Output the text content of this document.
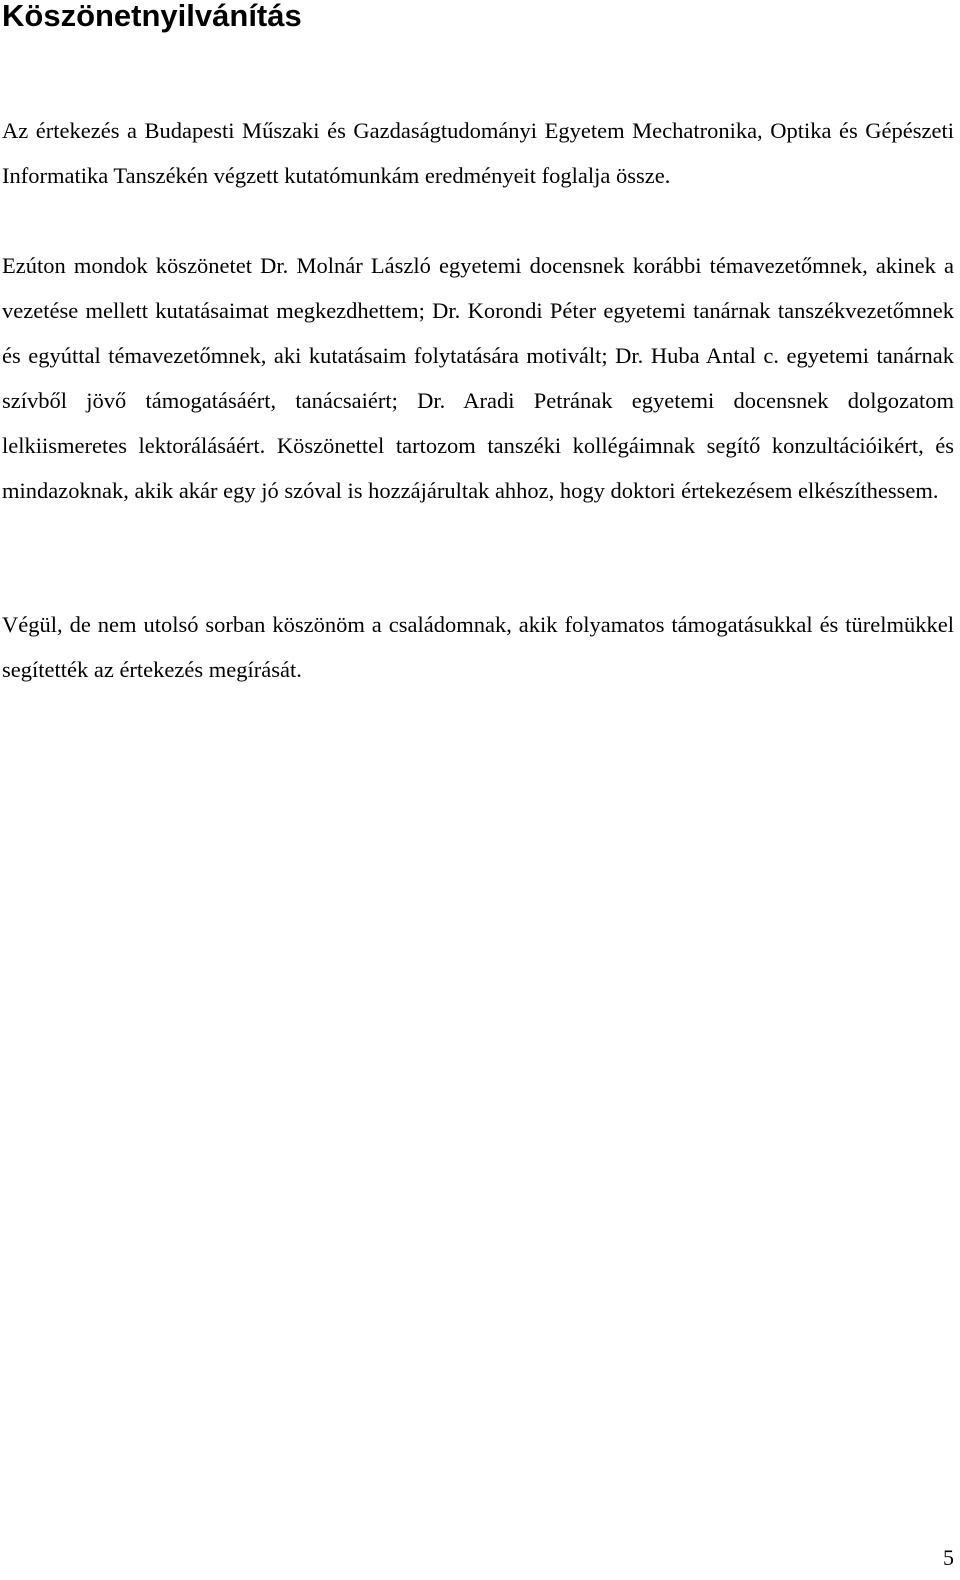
Köszönetnyilvánítás

Az értekezés a Budapesti Műszaki és Gazdaságtudományi Egyetem Mechatronika, Optika és Gépészeti Informatika Tanszékén végzett kutatómunkám eredményeit foglalja össze.

Ezúton mondok köszönetet Dr. Molnár László egyetemi docensnek korábbi témavezetőmnek, akinek a vezetése mellett kutatásaimat megkezdhettem; Dr. Korondi Péter egyetemi tanárnak tanszékvezetőmnek és egyúttal témavezetőmnek, aki kutatásaim folytatására motivált; Dr. Huba Antal c. egyetemi tanárnak szívből jövő támogatásáért, tanácsaiért; Dr. Aradi Petrának egyetemi docensnek dolgozatom lelkiismeretes lektorálásáért. Köszönettel tartozom tanszéki kollégáimnak segítő konzultációikért, és mindazoknak, akik akár egy jó szóval is hozzájárultak ahhoz, hogy doktori értekezésem elkészíthessem.

Végül, de nem utolsó sorban köszönöm a családomnak, akik folyamatos támogatásukkal és türelmükkel segítették az értekezés megírását.

5
